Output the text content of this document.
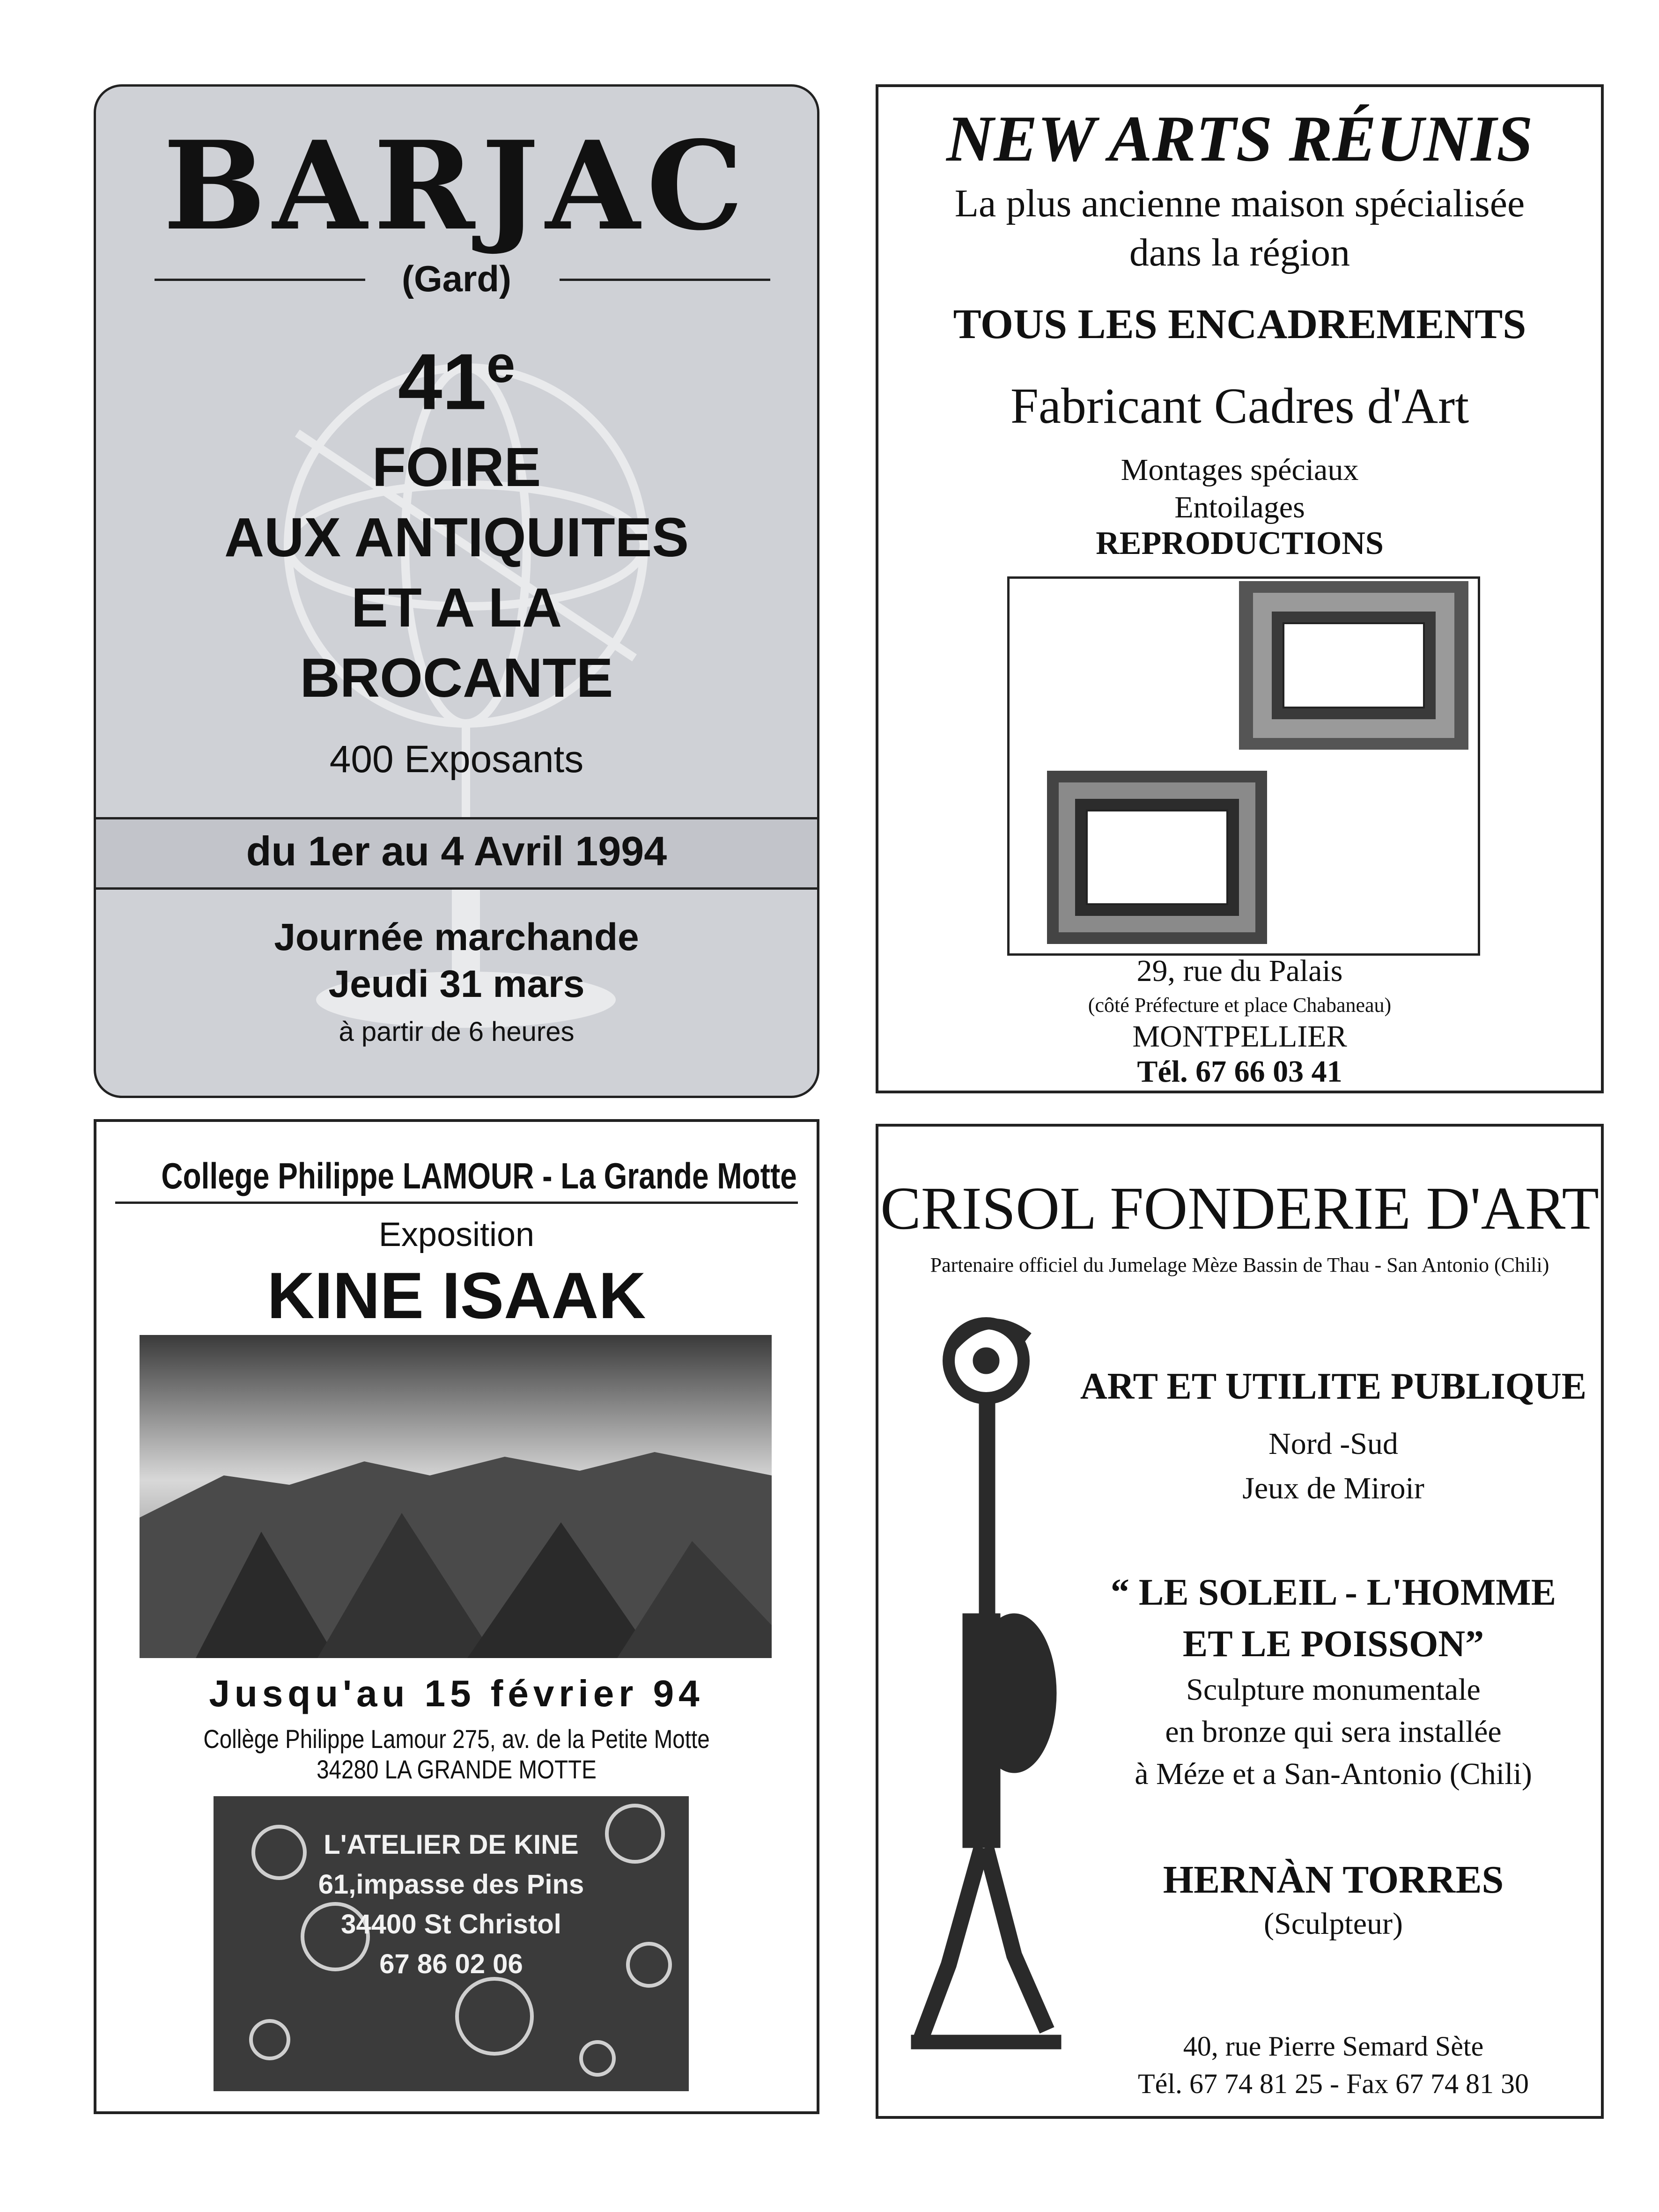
BARJAC
(Gard)
41e
FOIRE
AUX ANTIQUITES
ET A LA
BROCANTE
400 Exposants
du 1er au 4 Avril 1994
Journée marchande
Jeudi 31 mars
à partir de 6 heures
NEW ARTS RÉUNIS
La plus ancienne maison spécialisée
dans la région
TOUS LES ENCADREMENTS
Fabricant Cadres d'Art
Montages spéciaux
Entoilages
REPRODUCTIONS
29, rue du Palais
(côté Préfecture et place Chabaneau)
MONTPELLIER
Tél. 67 66 03 41
College Philippe LAMOUR - La Grande Motte
Exposition
KINE ISAAK
Jusqu'au 15 février 94
Collège Philippe Lamour 275, av. de la Petite Motte
34280 LA GRANDE MOTTE
L'ATELIER DE KINE
61,impasse des Pins
34400 St Christol
67 86 02 06
CRISOL FONDERIE D'ART
Partenaire officiel du Jumelage Mèze Bassin de Thau - San Antonio (Chili)
ART ET UTILITE PUBLIQUE
Nord -Sud
Jeux de Miroir
“ LE SOLEIL - L'HOMME
ET LE POISSON”
Sculpture monumentale
en bronze qui sera installée
à Méze et a San-Antonio (Chili)
HERNÀN TORRES
(Sculpteur)
40, rue Pierre Semard Sète
Tél. 67 74 81 25 - Fax 67 74 81 30
